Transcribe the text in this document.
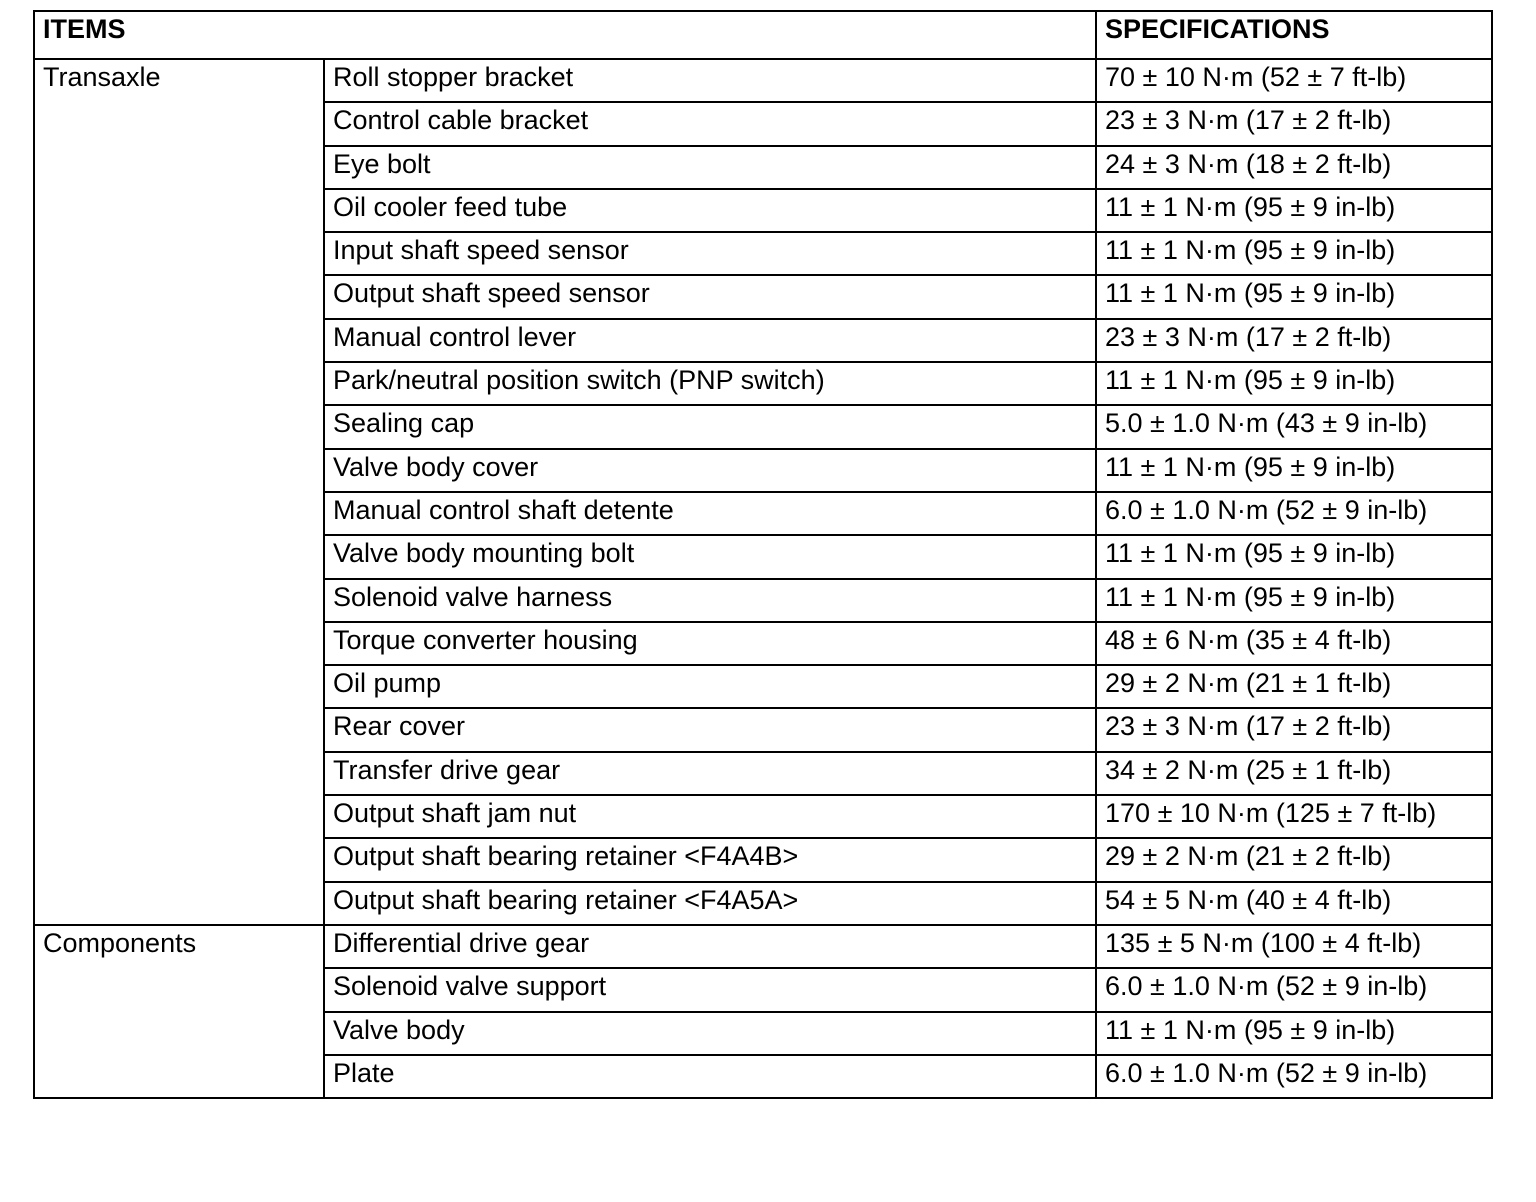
ITEMS		SPECIFICATIONS
Transaxle	Roll stopper bracket	70 ± 10 N·m (52 ± 7 ft-lb)
	Control cable bracket	23 ± 3 N·m (17 ± 2 ft-lb)
	Eye bolt	24 ± 3 N·m (18 ± 2 ft-lb)
	Oil cooler feed tube	11 ± 1 N·m (95 ± 9 in-lb)
	Input shaft speed sensor	11 ± 1 N·m (95 ± 9 in-lb)
	Output shaft speed sensor	11 ± 1 N·m (95 ± 9 in-lb)
	Manual control lever	23 ± 3 N·m (17 ± 2 ft-lb)
	Park/neutral position switch (PNP switch)	11 ± 1 N·m (95 ± 9 in-lb)
	Sealing cap	5.0 ± 1.0 N·m (43 ± 9 in-lb)
	Valve body cover	11 ± 1 N·m (95 ± 9 in-lb)
	Manual control shaft detente	6.0 ± 1.0 N·m (52 ± 9 in-lb)
	Valve body mounting bolt	11 ± 1 N·m (95 ± 9 in-lb)
	Solenoid valve harness	11 ± 1 N·m (95 ± 9 in-lb)
	Torque converter housing	48 ± 6 N·m (35 ± 4 ft-lb)
	Oil pump	29 ± 2 N·m (21 ± 1 ft-lb)
	Rear cover	23 ± 3 N·m (17 ± 2 ft-lb)
	Transfer drive gear	34 ± 2 N·m (25 ± 1 ft-lb)
	Output shaft jam nut	170 ± 10 N·m (125 ± 7 ft-lb)
	Output shaft bearing retainer <F4A4B>	29 ± 2 N·m (21 ± 2 ft-lb)
	Output shaft bearing retainer <F4A5A>	54 ± 5 N·m (40 ± 4 ft-lb)
Components	Differential drive gear	135 ± 5 N·m (100 ± 4 ft-lb)
	Solenoid valve support	6.0 ± 1.0 N·m (52 ± 9 in-lb)
	Valve body	11 ± 1 N·m (95 ± 9 in-lb)
	Plate	6.0 ± 1.0 N·m (52 ± 9 in-lb)
